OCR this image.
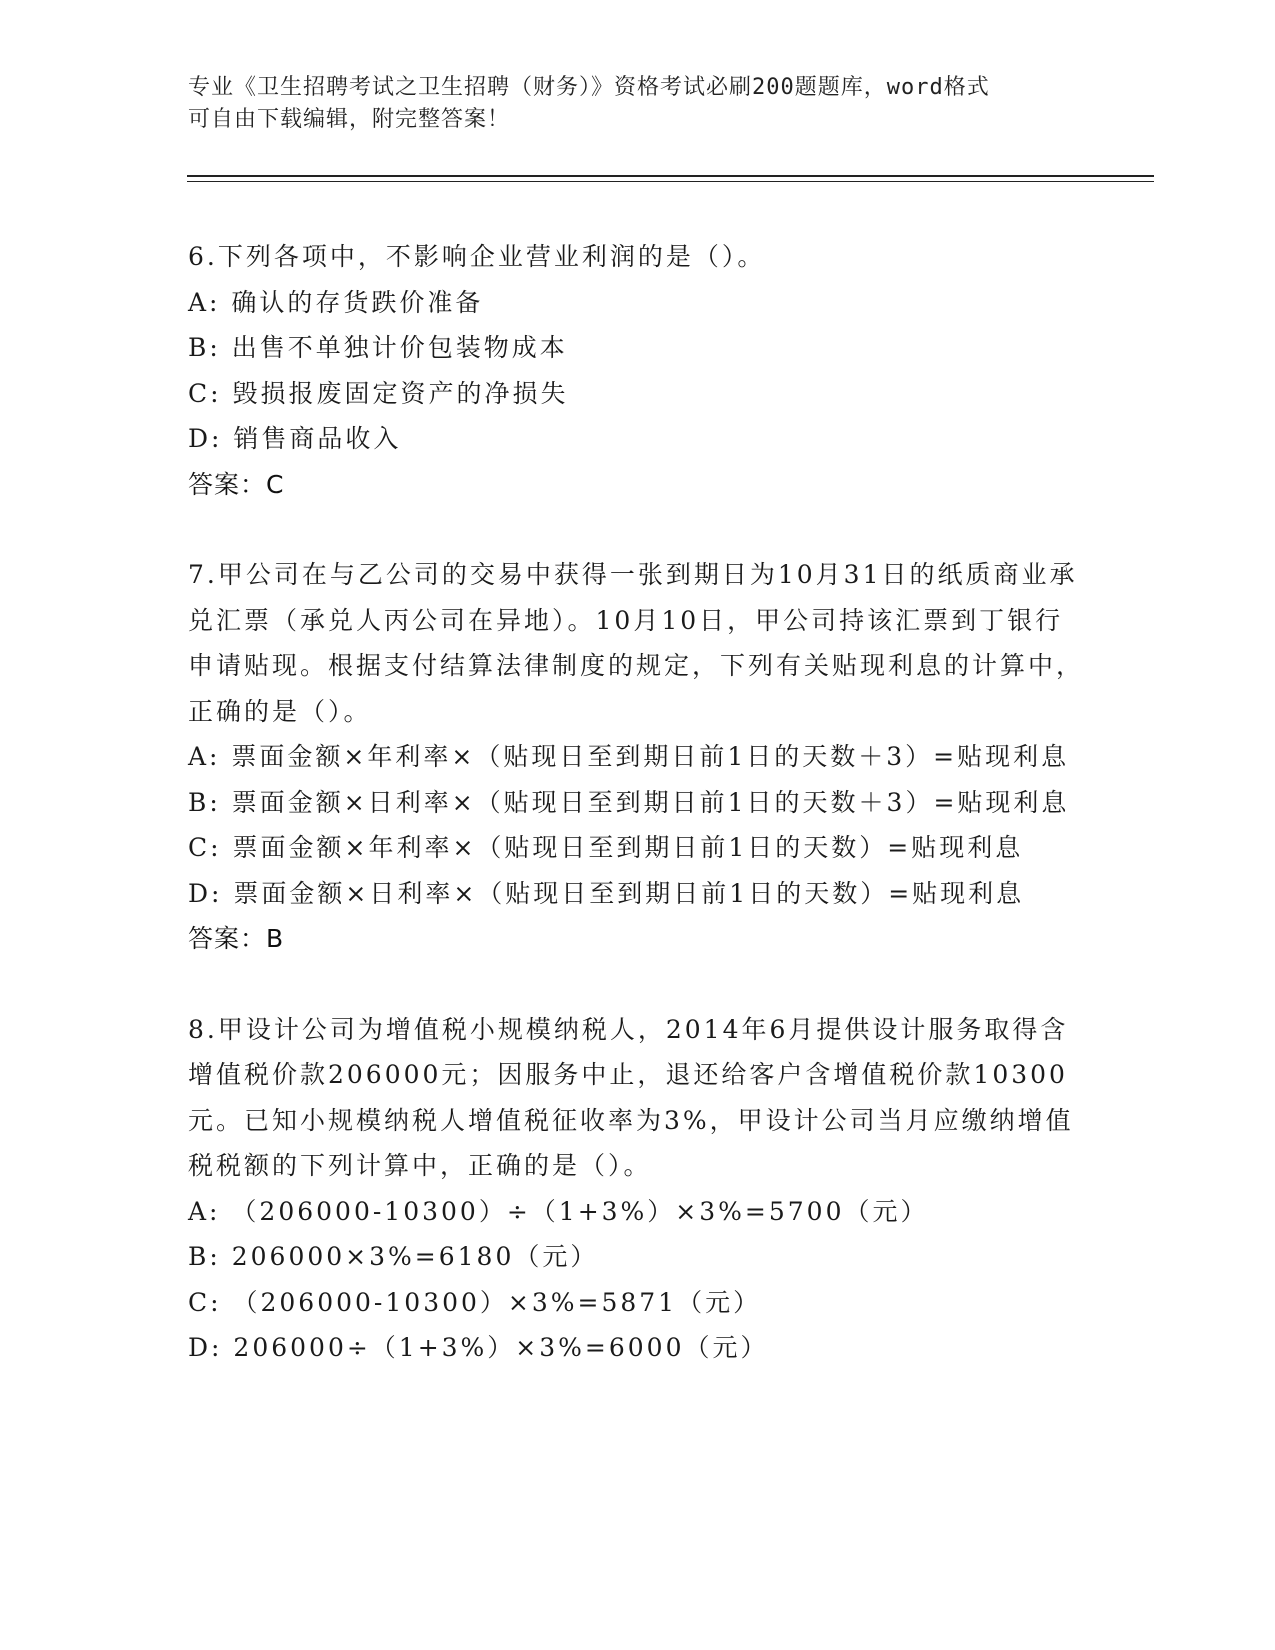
专业《卫生招聘考试之卫生招聘（财务）》资格考试必刷200题题库，word格式
可自由下载编辑，附完整答案！

6.下列各项中，不影响企业营业利润的是（）。

A: 确认的存货跌价准备

B: 出售不单独计价包装物成本

C: 毁损报废固定资产的净损失

D: 销售商品收入

答案：C

7.甲公司在与乙公司的交易中获得一张到期日为10月31日的纸质商业承兑汇票（承兑人丙公司在异地）。10月10日，甲公司持该汇票到丁银行申请贴现。根据支付结算法律制度的规定，下列有关贴现利息的计算中，正确的是（）。

A: 票面金额×年利率×（贴现日至到期日前1日的天数＋3）=贴现利息

B: 票面金额×日利率×（贴现日至到期日前1日的天数＋3）=贴现利息

C: 票面金额×年利率×（贴现日至到期日前1日的天数）=贴现利息

D: 票面金额×日利率×（贴现日至到期日前1日的天数）=贴现利息

答案：B

8.甲设计公司为增值税小规模纳税人，2014年6月提供设计服务取得含增值税价款206000元；因服务中止，退还给客户含增值税价款10300元。已知小规模纳税人增值税征收率为3%，甲设计公司当月应缴纳增值税税额的下列计算中，正确的是（）。

A: （206000-10300）÷（1+3%）×3%=5700（元）

B: 206000×3%=6180（元）

C: （206000-10300）×3%=5871（元）

D: 206000÷（1+3%）×3%=6000（元）
